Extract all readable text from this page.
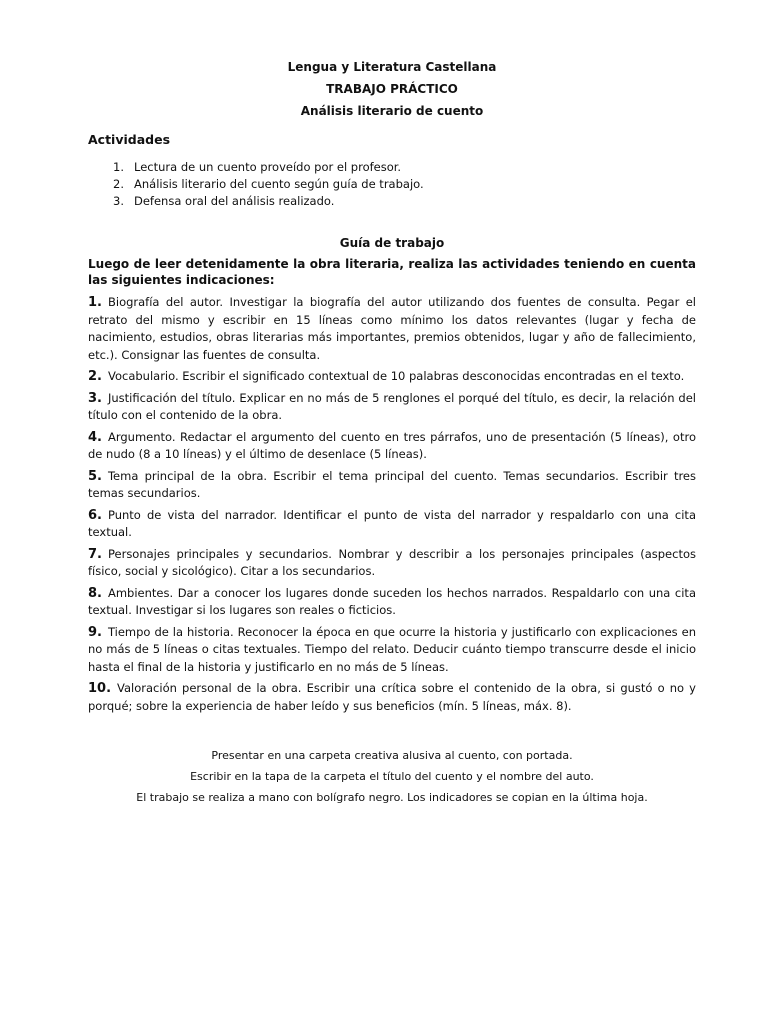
Lengua y Literatura Castellana

TRABAJO PRÁCTICO

Análisis literario de cuento

Actividades

1. Lectura de un cuento proveído por el profesor.
2. Análisis literario del cuento según guía de trabajo.
3. Defensa oral del análisis realizado.

Guía de trabajo

Luego de leer detenidamente la obra literaria, realiza las actividades teniendo en cuenta las siguientes indicaciones:

1. Biografía del autor. Investigar la biografía del autor utilizando dos fuentes de consulta. Pegar el retrato del mismo y escribir en 15 líneas como mínimo los datos relevantes (lugar y fecha de nacimiento, estudios, obras literarias más importantes, premios obtenidos, lugar y año de fallecimiento, etc.). Consignar las fuentes de consulta.

2. Vocabulario. Escribir el significado contextual de 10 palabras desconocidas encontradas en el texto.

3. Justificación del título. Explicar en no más de 5 renglones el porqué del título, es decir, la relación del título con el contenido de la obra.

4. Argumento. Redactar el argumento del cuento en tres párrafos, uno de presentación (5 líneas), otro de nudo (8 a 10 líneas) y el último de desenlace (5 líneas).

5. Tema principal de la obra. Escribir el tema principal del cuento. Temas secundarios. Escribir tres temas secundarios.

6. Punto de vista del narrador. Identificar el punto de vista del narrador y respaldarlo con una cita textual.

7. Personajes principales y secundarios. Nombrar y describir a los personajes principales (aspectos físico, social y sicológico). Citar a los secundarios.

8. Ambientes. Dar a conocer los lugares donde suceden los hechos narrados. Respaldarlo con una cita textual. Investigar si los lugares son reales o ficticios.

9. Tiempo de la historia. Reconocer la época en que ocurre la historia y justificarlo con explicaciones en no más de 5 líneas o citas textuales. Tiempo del relato. Deducir cuánto tiempo transcurre desde el inicio hasta el final de la historia y justificarlo en no más de 5 líneas.

10. Valoración personal de la obra. Escribir una crítica sobre el contenido de la obra, si gustó o no y porqué; sobre la experiencia de haber leído y sus beneficios (mín. 5 líneas, máx. 8).

Presentar en una carpeta creativa alusiva al cuento, con portada.

Escribir en la tapa de la carpeta el título del cuento y el nombre del auto.

El trabajo se realiza a mano con bolígrafo negro. Los indicadores se copian en la última hoja.
